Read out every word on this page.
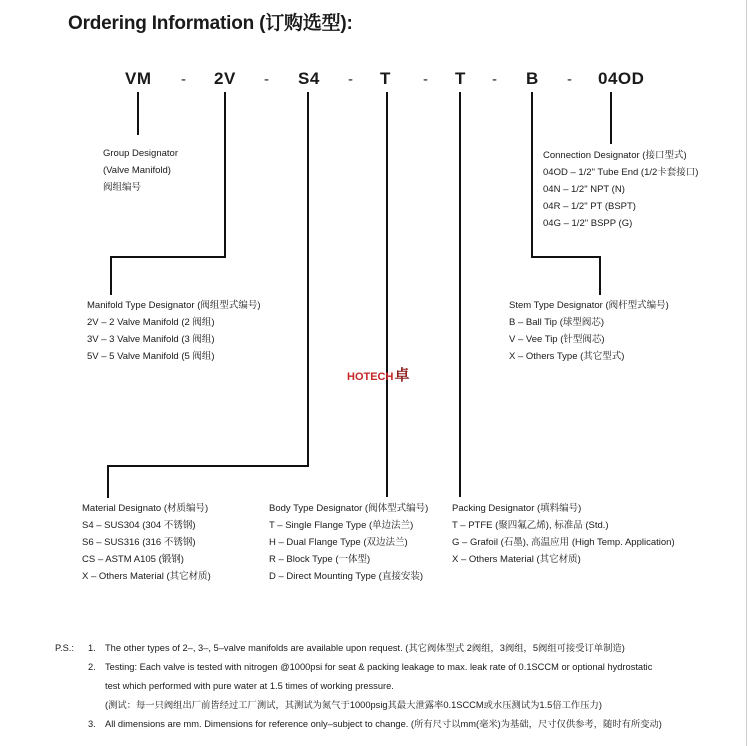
Ordering Information (订购选型):
VM - 2V - S4 - T - T - B - 04OD
Group Designator
(Valve Manifold)
阀组编号
Connection Designator (接口型式)
04OD – 1/2" Tube End (1/2卡套接口)
04N – 1/2" NPT (N)
04R – 1/2" PT (BSPT)
04G – 1/2" BSPP (G)
Manifold Type Designator (阀组型式编号)
2V – 2 Valve Manifold (2 阀组)
3V – 3 Valve Manifold (3 阀组)
5V – 5 Valve Manifold (5 阀组)
Stem Type Designator (阀杆型式编号)
B – Ball Tip (球型阀芯)
V – Vee Tip (针型阀芯)
X – Others Type (其它型式)
HOTECH卓
Material Designato (材质编号)
S4 – SUS304 (304 不锈钢)
S6 – SUS316 (316 不锈钢)
CS – ASTM A105 (锻钢)
X – Others Material (其它材质)
Body Type Designator (阀体型式编号)
T – Single Flange Type (单边法兰)
H – Dual Flange Type (双边法兰)
R – Block Type (一体型)
D – Direct Mounting Type (直接安装)
Packing Designator (填料编号)
T – PTFE (聚四氟乙烯), 标准品 (Std.)
G – Grafoil (石墨), 高温应用 (High Temp. Application)
X – Others Material (其它材质)
P.S.: 1. The other types of 2–, 3–, 5–valve manifolds are available upon request. (其它阀体型式 2阀组，3阀组，5阀组可接受订单制造)
2. Testing: Each valve is tested with nitrogen @1000psi for seat & packing leakage to max. leak rate of 0.1SCCM or optional hydrostatic

test which performed with pure water at 1.5 times of working pressure.

(测试：每一只阀组出厂前皆经过工厂测试，其测试为氮气于1000psig其最大泄露率0.1SCCM或水压测试为1.5倍工作压力)

3. All dimensions are mm. Dimensions for reference only–subject to change. (所有尺寸以mm(毫米)为基础，尺寸仅供参考，随时有所变动)
